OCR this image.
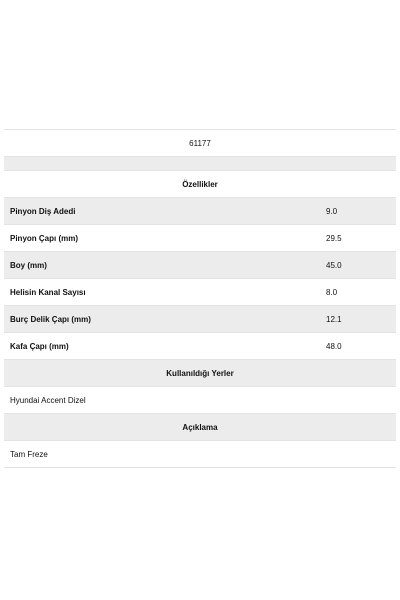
61177
Özellikler
Pinyon Diş Adedi	9.0
Pinyon Çapı (mm)	29.5
Boy (mm)	45.0
Helisin Kanal Sayısı	8.0
Burç Delik Çapı (mm)	12.1
Kafa Çapı (mm)	48.0
Kullanıldığı Yerler
Hyundai Accent Dizel
Açıklama
Tam Freze
